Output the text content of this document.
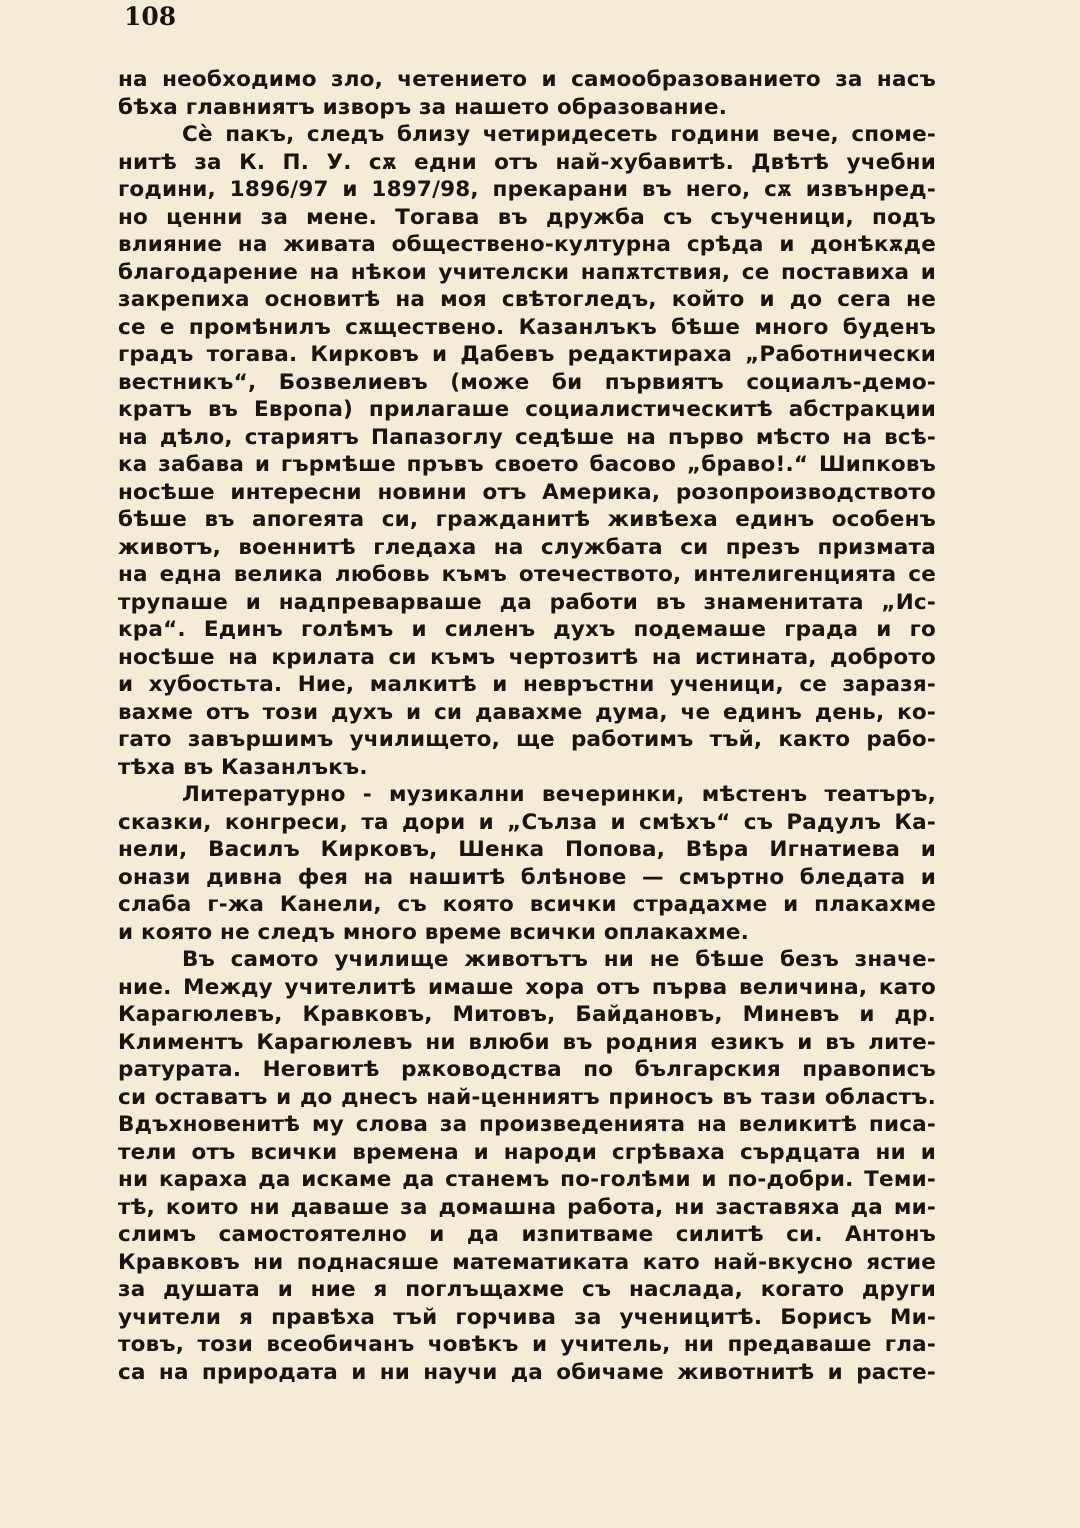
108
на необходимо зло, четението и самообразованието за насъ
бѣха главниятъ изворъ за нашето образование.
Сѐ пакъ, следъ близу четиридесеть години вече, споме-
нитѣ за К. П. У. сѫ едни отъ най-хубавитѣ. Двѣтѣ учебни
години, 1896/97 и 1897/98, прекарани въ него, сѫ извънред-
но ценни за мене. Тогава въ дружба съ съученици, подъ
влияние на живата обществено-културна срѣда и донѣкѫде
благодарение на нѣкои учителски напѫтствия, се поставиха и
закрепиха основитѣ на моя свѣтогледъ, който и до сега не
се е промѣнилъ сѫществено. Казанлъкъ бѣше много буденъ
градъ тогава. Кирковъ и Дабевъ редактираха „Работнически
вестникъ“, Бозвелиевъ (може би първиятъ социалъ-демо-
кратъ въ Европа) прилагаше социалистическитѣ абстракции
на дѣло, стариятъ Папазоглу седѣше на първо мѣсто на всѣ-
ка забава и гърмѣше пръвъ своето басово „браво!.“ Шипковъ
носѣше интересни новини отъ Америка, розопроизводството
бѣше въ апогеята си, гражданитѣ живѣеха единъ особенъ
животъ, военнитѣ гледаха на службата си презъ призмата
на една велика любовь къмъ отечеството, интелигенцията се
трупаше и надпреварваше да работи въ знаменитата „Ис-
кра“. Единъ голѣмъ и силенъ духъ подемаше града и го
носѣше на крилата си къмъ чертозитѣ на истината, доброто
и хубостьта. Ние, малкитѣ и невръстни ученици, се заразя-
вахме отъ този духъ и си давахме дума, че единъ день, ко-
гато завършимъ училището, ще работимъ тъй, както рабо-
тѣха въ Казанлъкъ.
Литературно - музикални вечеринки, мѣстенъ театъръ,
сказки, конгреси, та дори и „Сълза и смѣхъ“ съ Радулъ Ка-
нели, Василъ Кирковъ, Шенка Попова, Вѣра Игнатиева и
онази дивна фея на нашитѣ блѣнове — смъртно бледата и
слаба г-жа Канели, съ която всички страдахме и плакахме
и която не следъ много време всички оплакахме.
Въ самото училище животътъ ни не бѣше безъ значе-
ние. Между учителитѣ имаше хора отъ първа величина, като
Карагюлевъ, Кравковъ, Митовъ, Байдановъ, Миневъ и др.
Климентъ Карагюлевъ ни влюби въ родния езикъ и въ лите-
ратурата. Неговитѣ рѫководства по българския правописъ
си оставатъ и до днесъ най-ценниятъ приносъ въ тази областъ.
Вдъхновенитѣ му слова за произведенията на великитѣ писа-
тели отъ всички времена и народи сгрѣваха сърдцата ни и
ни караха да искаме да станемъ по-голѣми и по-добри. Теми-
тѣ, които ни даваше за домашна работа, ни заставяха да ми-
слимъ самостоятелно и да изпитваме силитѣ си. Антонъ
Кравковъ ни поднасяше математиката като най-вкусно ястие
за душата и ние я поглъщахме съ наслада, когато други
учители я правѣха тъй горчива за ученицитѣ. Борисъ Ми-
товъ, този всеобичанъ човѣкъ и учитель, ни предаваше гла-
са на природата и ни научи да обичаме животнитѣ и расте-
